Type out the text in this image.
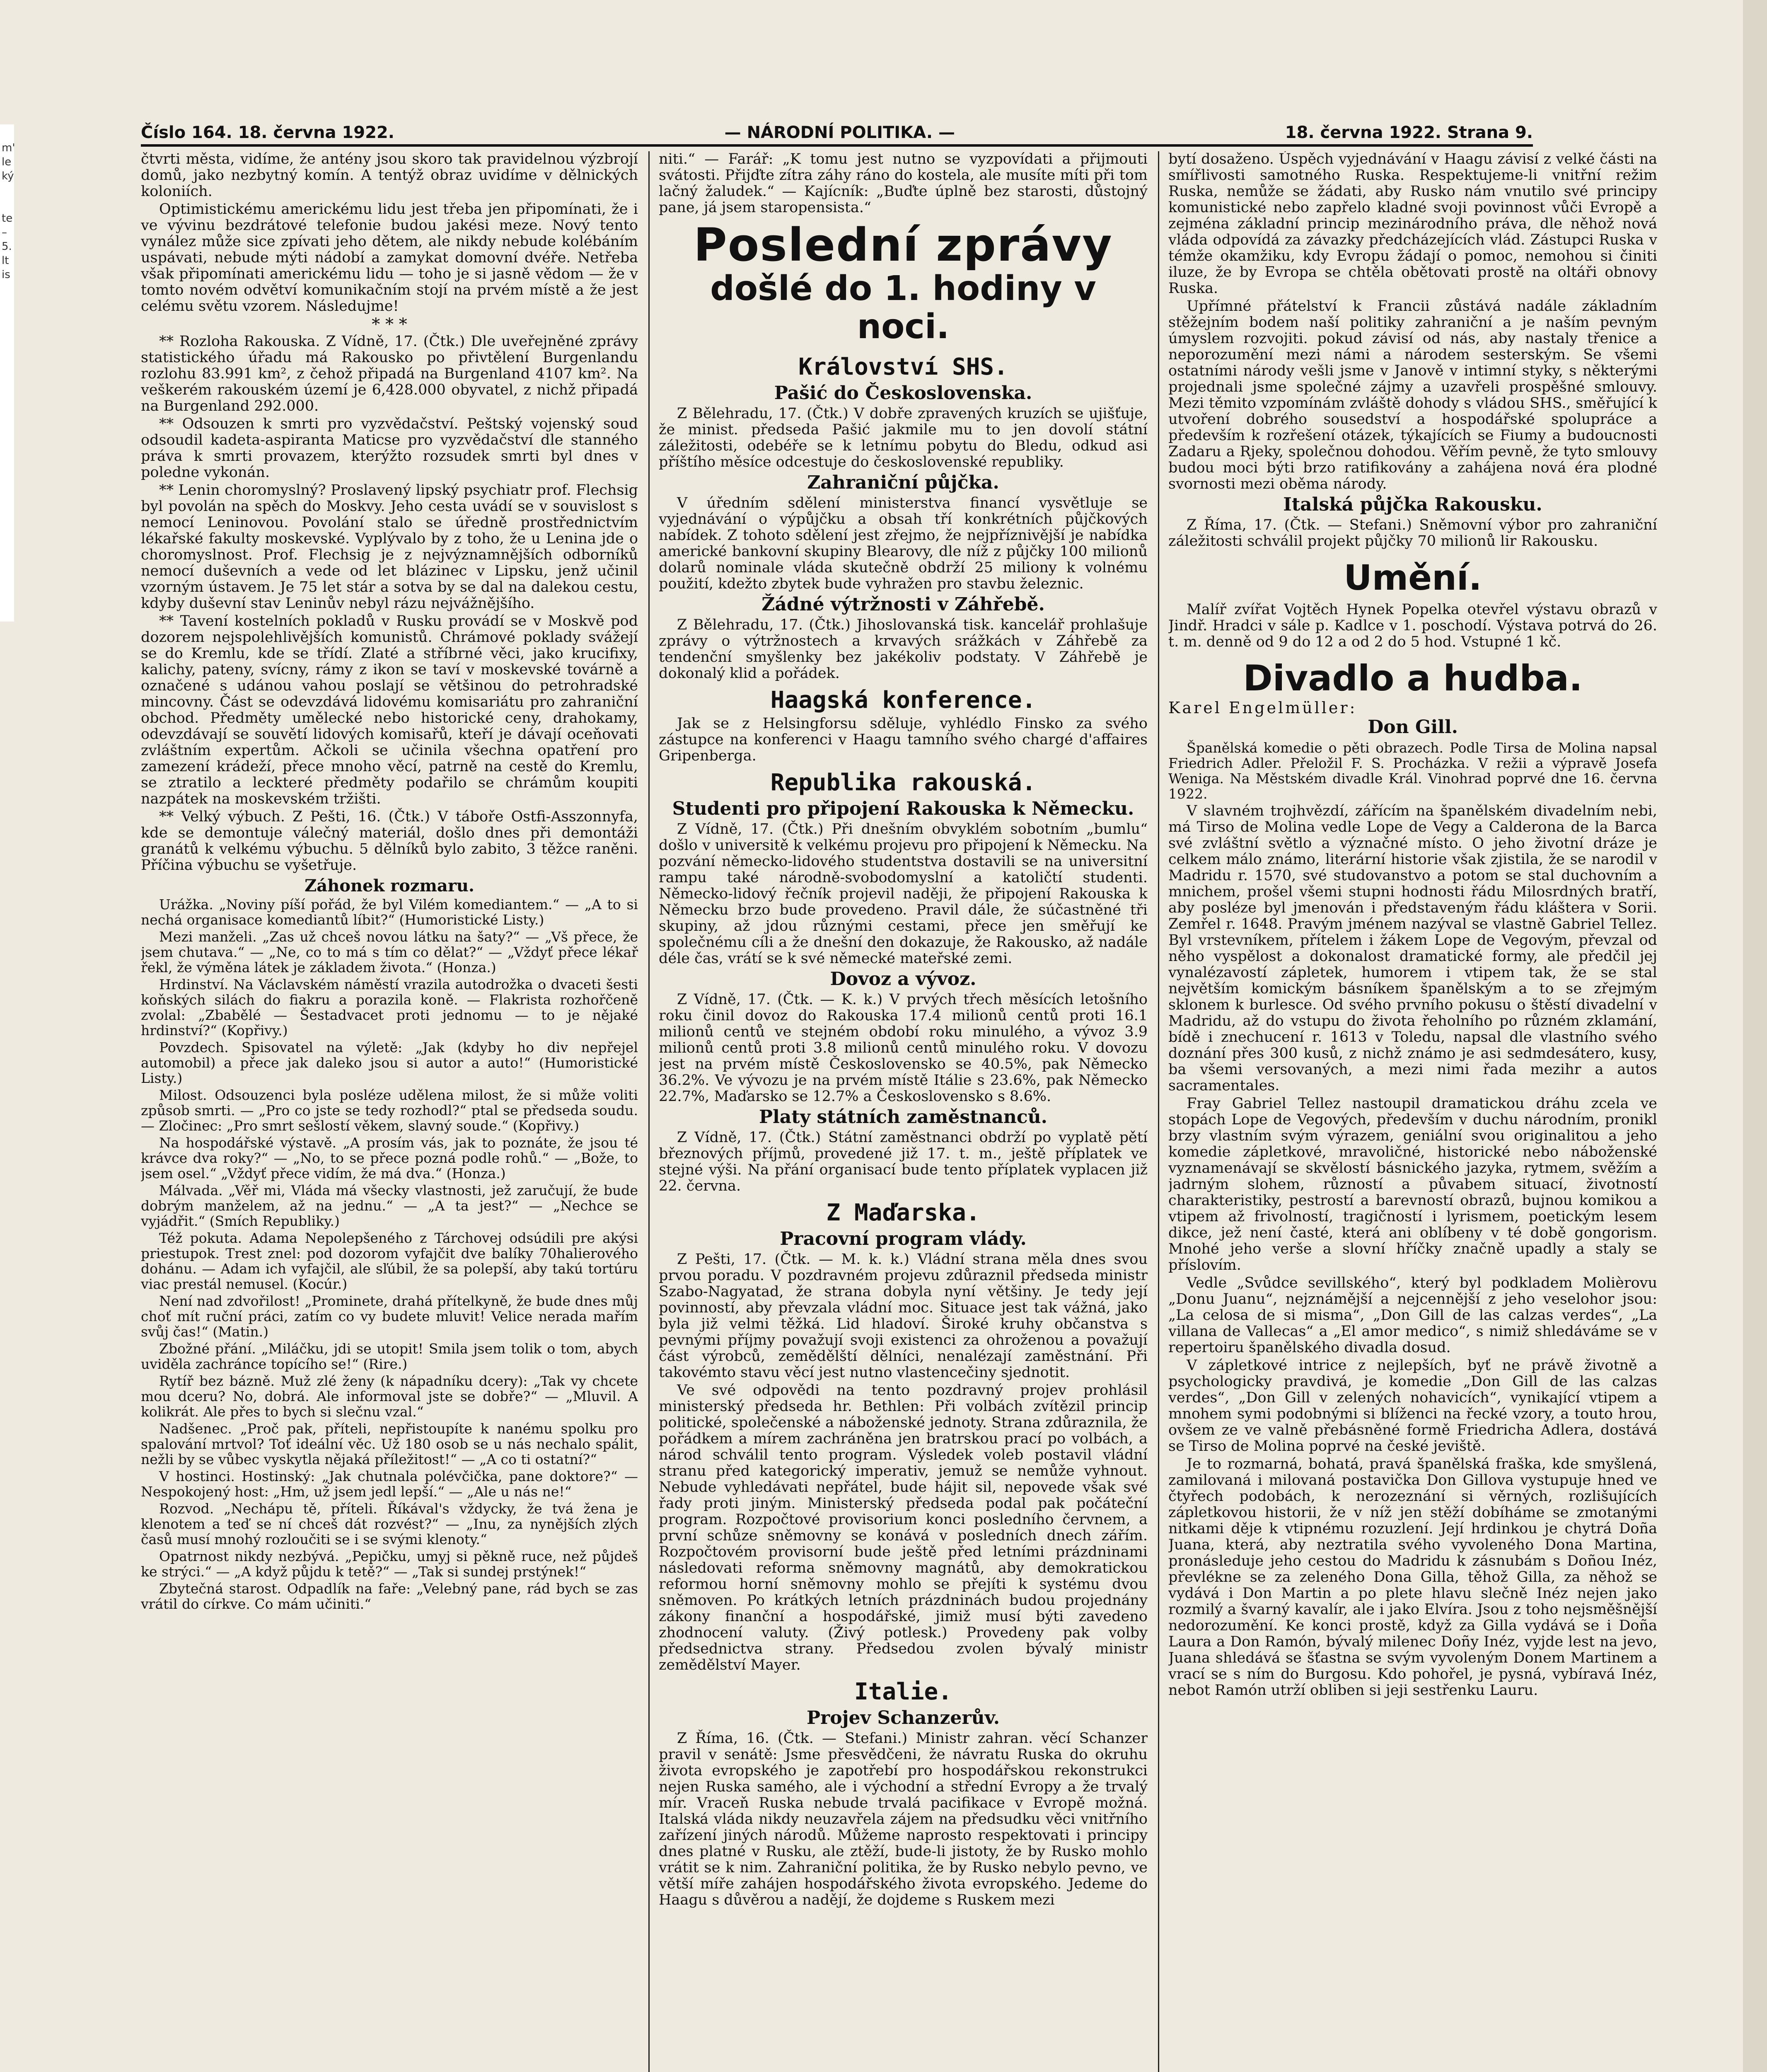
m'
le
ký

te
–
5.
lt
is
Číslo 164. 18. června 1922.	— NÁRODNÍ POLITIKA. —	18. června 1922. Strana 9.

čtvrti města, vidíme, že antény jsou skoro tak pravidelnou výzbrojí domů, jako nezbytný komín. A tentýž obraz uvidíme v dělnických koloniích.

Optimistickému americkému lidu jest třeba jen připomínati, že i ve vývinu bezdrátové telefonie budou jakési meze. Nový tento vynález může sice zpívati jeho dětem, ale nikdy nebude kolébáním uspávati, nebude mýti nádobí a zamykat domovní dvéře. Netřeba však připomínati americkému lidu — toho je si jasně vědom — že v tomto novém odvětví komunikačním stojí na prvém místě a že jest celému světu vzorem. Následujme!

* * *

** Rozloha Rakouska. Z Vídně, 17. (Čtk.) Dle uveřejněné zprávy statistického úřadu má Rakousko po přivtělení Burgenlandu rozlohu 83.991 km², z čehož připadá na Burgenland 4107 km². Na veškerém rakouském území je 6,428.000 obyvatel, z nichž připadá na Burgenland 292.000.

** Odsouzen k smrti pro vyzvědačství. Peštský vojenský soud odsoudil kadeta-aspiranta Maticse pro vyzvědačství dle stanného práva k smrti provazem, kterýžto rozsudek smrti byl dnes v poledne vykonán.

** Lenin choromyslný? Proslavený lipský psychiatr prof. Flechsig byl povolán na spěch do Moskvy. Jeho cesta uvádí se v souvislost s nemocí Leninovou. Povolání stalo se úředně prostřednictvím lékařské fakulty moskevské. Vyplývalo by z toho, že u Lenina jde o choromyslnost. Prof. Flechsig je z nejvýznamnějších odborníků nemocí duševních a vede od let blázinec v Lipsku, jenž učinil vzorným ústavem. Je 75 let stár a sotva by se dal na dalekou cestu, kdyby duševní stav Leninův nebyl rázu nejvážnějšího.

** Tavení kostelních pokladů v Rusku provádí se v Moskvě pod dozorem nejspolehlivějších komunistů. Chrámové poklady svážejí se do Kremlu, kde se třídí. Zlaté a stříbrné věci, jako krucifixy, kalichy, pateny, svícny, rámy z ikon se taví v moskevské továrně a označené s udánou vahou poslají se většinou do petrohradské mincovny. Část se odevzdává lidovému komisariátu pro zahraniční obchod. Předměty umělecké nebo historické ceny, drahokamy, odevzdávají se souvětí lidových komisařů, kteří je dávají oceňovati zvláštním expertům. Ačkoli se učinila všechna opatření pro zamezení krádeží, přece mnoho věcí, patrně na cestě do Kremlu, se ztratilo a leckteré předměty podařilo se chrámům koupiti nazpátek na moskevském tržišti.

** Velký výbuch. Z Pešti, 16. (Čtk.) V táboře Ostfi-Asszonnyfa, kde se demontuje válečný materiál, došlo dnes při demontáži granátů k velkému výbuchu. 5 dělníků bylo zabito, 3 těžce raněni. Příčina výbuchu se vyšetřuje.

Záhonek rozmaru.

Urážka. „Noviny píší pořád, že byl Vilém komediantem.“ — „A to si nechá organisace komediantů líbit?“ (Humoristické Listy.)

Mezi manželi. „Zas už chceš novou látku na šaty?“ — „Vš přece, že jsem chutava.“ — „Ne, co to má s tím co dělat?“ — „Vždyť přece lékař řekl, že výměna látek je základem života.“ (Honza.)

Hrdinství. Na Václavském náměstí vrazila autodrožka o dvaceti šesti koňských silách do fiakru a porazila koně. — Flakrista rozhořčeně zvolal: „Zbabělé — Šestadvacet proti jednomu — to je nějaké hrdinství?“ (Kopřivy.)

Povzdech. Spisovatel na výletě: „Jak (kdyby ho div nepřejel automobil) a přece jak daleko jsou si autor a auto!“ (Humoristické Listy.)

Milost. Odsouzenci byla posléze udělena milost, že si může voliti způsob smrti. — „Pro co jste se tedy rozhodl?“ ptal se předseda soudu. — Zločinec: „Pro smrt sešlostí věkem, slavný soude.“ (Kopřivy.)

Na hospodářské výstavě. „A prosím vás, jak to poznáte, že jsou té krávce dva roky?“ — „No, to se přece pozná podle rohů.“ — „Bože, to jsem osel.“ „Vždyť přece vidím, že má dva.“ (Honza.)

Málvada. „Věř mi, Vláda má všecky vlastnosti, jež zaručují, že bude dobrým manželem, až na jednu.“ — „A ta jest?“ — „Nechce se vyjádřit.“ (Smích Republiky.)

Též pokuta. Adama Nepolepšeného z Tárchovej odsúdili pre akýsi priestupok. Trest znel: pod dozorom vyfajčit dve balíky 70halierového dohánu. — Adam ich vyfajčil, ale sľúbil, že sa polepší, aby takú tortúru viac prestál nemusel. (Kocúr.)

Není nad zdvořilost! „Prominete, drahá přítelkyně, že bude dnes můj choť mít ruční práci, zatím co vy budete mluvit! Velice nerada mařím svůj čas!“ (Matin.)

Zbožné přání. „Miláčku, jdi se utopit! Smila jsem tolik o tom, abych uviděla zachránce topícího se!“ (Rire.)

Rytíř bez bázně. Muž zlé ženy (k nápadníku dcery): „Tak vy chcete mou dceru? No, dobrá. Ale informoval jste se dobře?“ — „Mluvil. A kolikrát. Ale přes to bych si slečnu vzal.“

Nadšenec. „Proč pak, příteli, nepřistoupíte k nanému spolku pro spalování mrtvol? Toť ideální věc. Už 180 osob se u nás nechalo spálit, nežli by se vůbec vyskytla nějaká příležitost!“ — „A co ti ostatní?“

V hostinci. Hostinský: „Jak chutnala polévčička, pane doktore?“ — Nespokojený host: „Hm, už jsem jedl lepší.“ — „Ale u nás ne!“

Rozvod. „Nechápu tě, příteli. Říkával's vždycky, že tvá žena je klenotem a teď se ní chceš dát rozvést?“ — „Inu, za nynějších zlých časů musí mnohý rozloučiti se i se svými klenoty.“

Opatrnost nikdy nezbývá. „Pepičku, umyj si pěkně ruce, než půjdeš ke strýci.“ — „A když půjdu k tetě?“ — „Tak si sundej prstýnek!“

Zbytečná starost. Odpadlík na faře: „Velebný pane, rád bych se zas vrátil do církve. Co mám učiniti.“

niti.“ — Farář: „K tomu jest nutno se vyzpovídati a přijmouti svátosti. Přijďte zítra záhy ráno do kostela, ale musíte míti při tom lačný žaludek.“ — Kajícník: „Buďte úplně bez starosti, důstojný pane, já jsem staropensista.“

Poslední zprávy
došlé do 1. hodiny v noci.
Království SHS.
Pašić do Československa.

Z Bělehradu, 17. (Čtk.) V dobře zpravených kruzích se ujišťuje, že minist. předseda Pašić jakmile mu to jen dovolí státní záležitosti, odebéře se k letnímu pobytu do Bledu, odkud asi příštího měsíce odcestuje do československé republiky.

Zahraniční půjčka.

V úředním sdělení ministerstva financí vysvětluje se vyjednávání o výpůjčku a obsah tří konkrétních půjčkových nabídek. Z tohoto sdělení jest zřejmo, že nejpříznivější je nabídka americké bankovní skupiny Blearovy, dle níž z půjčky 100 milionů dolarů nominale vláda skutečně obdrží 25 miliony k volnému použití, kdežto zbytek bude vyhražen pro stavbu železnic.

Žádné výtržnosti v Záhřebě.

Z Bělehradu, 17. (Čtk.) Jihoslovanská tisk. kancelář prohlašuje zprávy o výtržnostech a krvavých srážkách v Záhřebě za tendenční smyšlenky bez jakékoliv podstaty. V Záhřebě je dokonalý klid a pořádek.

Haagská konference.

Jak se z Helsingforsu sděluje, vyhlédlo Finsko za svého zástupce na konferenci v Haagu tamního svého chargé d'affaires Gripenberga.

Republika rakouská.
Studenti pro připojení Rakouska k Německu.

Z Vídně, 17. (Čtk.) Při dnešním obvyklém sobotním „bumlu“ došlo v universitě k velkému projevu pro připojení k Německu. Na pozvání německo-lidového studentstva dostavili se na universitní rampu také národně-svobodomyslní a katoličtí studenti. Německo-lidový řečník projevil naději, že připojení Rakouska k Německu brzo bude provedeno. Pravil dále, že súčastněné tři skupiny, až jdou různými cestami, přece jen směřují ke společnému cíli a že dnešní den dokazuje, že Rakousko, až nadále déle čas, vrátí se k své německé mateřské zemi.

Dovoz a vývoz.

Z Vídně, 17. (Čtk. — K. k.) V prvých třech měsících letošního roku činil dovoz do Rakouska 17.4 milionů centů proti 16.1 milionů centů ve stejném období roku minulého, a vývoz 3.9 milionů centů proti 3.8 milionů centů minulého roku. V dovozu jest na prvém místě Československo se 40.5%, pak Německo 36.2%. Ve vývozu je na prvém místě Itálie s 23.6%, pak Německo 22.7%, Maďarsko se 12.7% a Československo s 8.6%.

Platy státních zaměstnanců.

Z Vídně, 17. (Čtk.) Státní zaměstnanci obdrží po vyplatě pětí březnových příjmů, provedené již 17. t. m., ještě příplatek ve stejné výši. Na přání organisací bude tento příplatek vyplacen již 22. června.

Z Maďarska.
Pracovní program vlády.

Z Pešti, 17. (Čtk. — M. k. k.) Vládní strana měla dnes svou prvou poradu. V pozdravném projevu zdůraznil předseda ministr Szabo-Nagyatad, že strana dobyla nyní většiny. Je tedy její povinností, aby převzala vládní moc. Situace jest tak vážná, jako byla již velmi těžká. Lid hladoví. Široké kruhy občanstva s pevnými příjmy považují svoji existenci za ohroženou a považují část výrobců, zemědělští dělníci, nenalézají zaměstnání. Při takovémto stavu věcí jest nutno vlastencečiny sjednotit.

Ve své odpovědi na tento pozdravný projev prohlásil ministerský předseda hr. Bethlen: Při volbách zvítězil princip politické, společenské a náboženské jednoty. Strana zdůraznila, že pořádkem a mírem zachráněna jen bratrskou prací po volbách, a národ schválil tento program. Výsledek voleb postavil vládní stranu před kategorický imperativ, jemuž se nemůže vyhnout. Nebude vyhledávati nepřátel, bude hájit sil, nepovede však své řady proti jiným. Ministerský předseda podal pak počáteční program. Rozpočtové provisorium konci posledního červnem, a první schůze sněmovny se konává v posledních dnech zářím. Rozpočtovém provisorní bude ještě před letními prázdninami následovati reforma sněmovny magnátů, aby demokratickou reformou horní sněmovny mohlo se přejíti k systému dvou sněmoven. Po krátkých letních prázdninách budou projednány zákony finanční a hospodářské, jimiž musí býti zavedeno zhodnocení valuty. (Živý potlesk.) Provedeny pak volby předsednictva strany. Předsedou zvolen bývalý ministr zemědělství Mayer.

Italie.
Projev Schanzerův.

Z Říma, 16. (Čtk. — Stefani.) Ministr zahran. věcí Schanzer pravil v senátě: Jsme přesvědčeni, že návratu Ruska do okruhu života evropského je zapotřebí pro hospodářskou rekonstrukci nejen Ruska samého, ale i východní a střední Evropy a že trvalý mír. Vraceň Ruska nebude trvalá pacifikace v Evropě možná. Italská vláda nikdy neuzavřela zájem na předsudku věci vnitřního zařízení jiných národů. Můžeme naprosto respektovati i principy dnes platné v Rusku, ale ztěží, bude-li jistoty, že by Rusko mohlo vrátit se k nim. Zahraniční politika, že by Rusko nebylo pevno, ve větší míře zahájen hospodářského života evropského. Jedeme do Haagu s důvěrou a nadějí, že dojdeme s Ruskem mezi

bytí dosaženo. Úspěch vyjednávání v Haagu závisí z velké části na smířlivosti samotného Ruska. Respektujeme-li vnitřní režim Ruska, nemůže se žádati, aby Rusko nám vnutilo své principy komunistické nebo zapřelo kladné svoji povinnost vůči Evropě a zejména základní princip mezinárodního práva, dle něhož nová vláda odpovídá za závazky předcházejících vlád. Zástupci Ruska v témže okamžiku, kdy Evropu žádají o pomoc, nemohou si činiti iluze, že by Evropa se chtěla obětovati prostě na oltáři obnovy Ruska.

Upřímné přátelství k Francii zůstává nadále základním stěžejním bodem naší politiky zahraniční a je naším pevným úmyslem rozvojiti. pokud závisí od nás, aby nastaly třenice a neporozumění mezi námi a národem sesterským. Se všemi ostatními národy vešli jsme v Janově v intimní styky, s některými projednali jsme společné zájmy a uzavřeli prospěšné smlouvy. Mezi těmito vzpomínám zvláště dohody s vládou SHS., směřující k utvoření dobrého sousedství a hospodářské spolupráce a především k rozřešení otázek, týkajících se Fiumy a budoucnosti Zadaru a Rjeky, společnou dohodou. Věřím pevně, že tyto smlouvy budou moci býti brzo ratifikovány a zahájena nová éra plodné svornosti mezi oběma národy.

Italská půjčka Rakousku.

Z Říma, 17. (Čtk. — Stefani.) Sněmovní výbor pro zahraniční záležitosti schválil projekt půjčky 70 milionů lir Rakousku.

Umění.

Malíř zvířat Vojtěch Hynek Popelka otevřel výstavu obrazů v Jindř. Hradci v sále p. Kadlce v 1. poschodí. Výstava potrvá do 26. t. m. denně od 9 do 12 a od 2 do 5 hod. Vstupné 1 kč.

Divadlo a hudba.
Karel Engelmüller:
Don Gill.

Španělská komedie o pěti obrazech. Podle Tirsa de Molina napsal Friedrich Adler. Přeložil F. S. Procházka. V režii a výpravě Josefa Weniga. Na Městském divadle Král. Vinohrad poprvé dne 16. června 1922.

V slavném trojhvězdí, zářícím na španělském divadelním nebi, má Tirso de Molina vedle Lope de Vegy a Calderona de la Barca své zvláštní světlo a význačné místo. O jeho životní dráze je celkem málo známo, literární historie však zjistila, že se narodil v Madridu r. 1570, své studovanstvo a potom se stal duchovním a mnichem, prošel všemi stupni hodnosti řádu Milosrdných bratří, aby posléze byl jmenován i představeným řádu kláštera v Sorii. Zemřel r. 1648. Pravým jménem nazýval se vlastně Gabriel Tellez. Byl vrstevníkem, přítelem i žákem Lope de Vegovým, převzal od něho vyspělost a dokonalost dramatické formy, ale předčil jej vynalézavostí zápletek, humorem i vtipem tak, že se stal největším komickým básníkem španělským a to se zřejmým sklonem k burlesce. Od svého prvního pokusu o štěstí divadelní v Madridu, až do vstupu do života řeholního po různém zklamání, bídě i znechucení r. 1613 v Toledu, napsal dle vlastního svého doznání přes 300 kusů, z nichž známo je asi sedmdesátero, kusy, ba všemi versovaných, a mezi nimi řada mezihr a autos sacramentales.

Fray Gabriel Tellez nastoupil dramatickou dráhu zcela ve stopách Lope de Vegových, především v duchu národním, pronikl brzy vlastním svým výrazem, geniální svou originalitou a jeho komedie zápletkové, mravoličné, historické nebo náboženské vyznamenávají se skvělostí básnického jazyka, rytmem, svěžím a jadrným slohem, růzností a půvabem situací, životností charakteristiky, pestrostí a barevností obrazů, bujnou komikou a vtipem až frivolností, tragičností i lyrismem, poetickým lesem dikce, jež není časté, která ani oblíbeny v té době gongorism. Mnohé jeho verše a slovní hříčky značně upadly a staly se příslovím.

Vedle „Svůdce sevillského“, který byl podkladem Molièrovu „Donu Juanu“, nejznámější a nejcennější z jeho veselohor jsou: „La celosa de si misma“, „Don Gill de las calzas verdes“, „La villana de Vallecas“ a „El amor medico“, s nimiž shledáváme se v repertoiru španělského divadla dosud.

V zápletkové intrice z nejlepších, byť ne právě životně a psychologicky pravdivá, je komedie „Don Gill de las calzas verdes“, „Don Gill v zelených nohavicích“, vynikající vtipem a mnohem symi podobnými si blíženci na řecké vzory, a touto hrou, ovšem ze ve valně přebásněné formě Friedricha Adlera, dostává se Tirso de Molina poprvé na české jeviště.

Je to rozmarná, bohatá, pravá španělská fraška, kde smyšlená, zamilovaná i milovaná postavička Don Gillova vystupuje hned ve čtyřech podobách, k nerozeznání si věrných, rozlišujících zápletkovou historii, že v níž jen stěží dobíháme se zmotanými nitkami děje k vtipnému rozuzlení. Její hrdinkou je chytrá Doña Juana, která, aby neztratila svého vyvoleného Dona Martina, pronásleduje jeho cestou do Madridu k zásnubám s Doñou Inéz, převlékne se za zeleného Dona Gilla, těhož Gilla, za něhož se vydává i Don Martin a po plete hlavu slečně Inéz nejen jako rozmilý a švarný kavalír, ale i jako Elvíra. Jsou z toho nejsměšnější nedorozumění. Ke konci prostě, když za Gilla vydává se i Doña Laura a Don Ramón, bývalý milenec Doñy Inéz, vyjde lest na jevo, Juana shledává se šťastna se svým vyvoleným Donem Martinem a vrací se s ním do Burgosu. Kdo pohořel, je pysná, vybíravá Inéz, nebot Ramón utrží obliben si jeji sestřenku Lauru.
